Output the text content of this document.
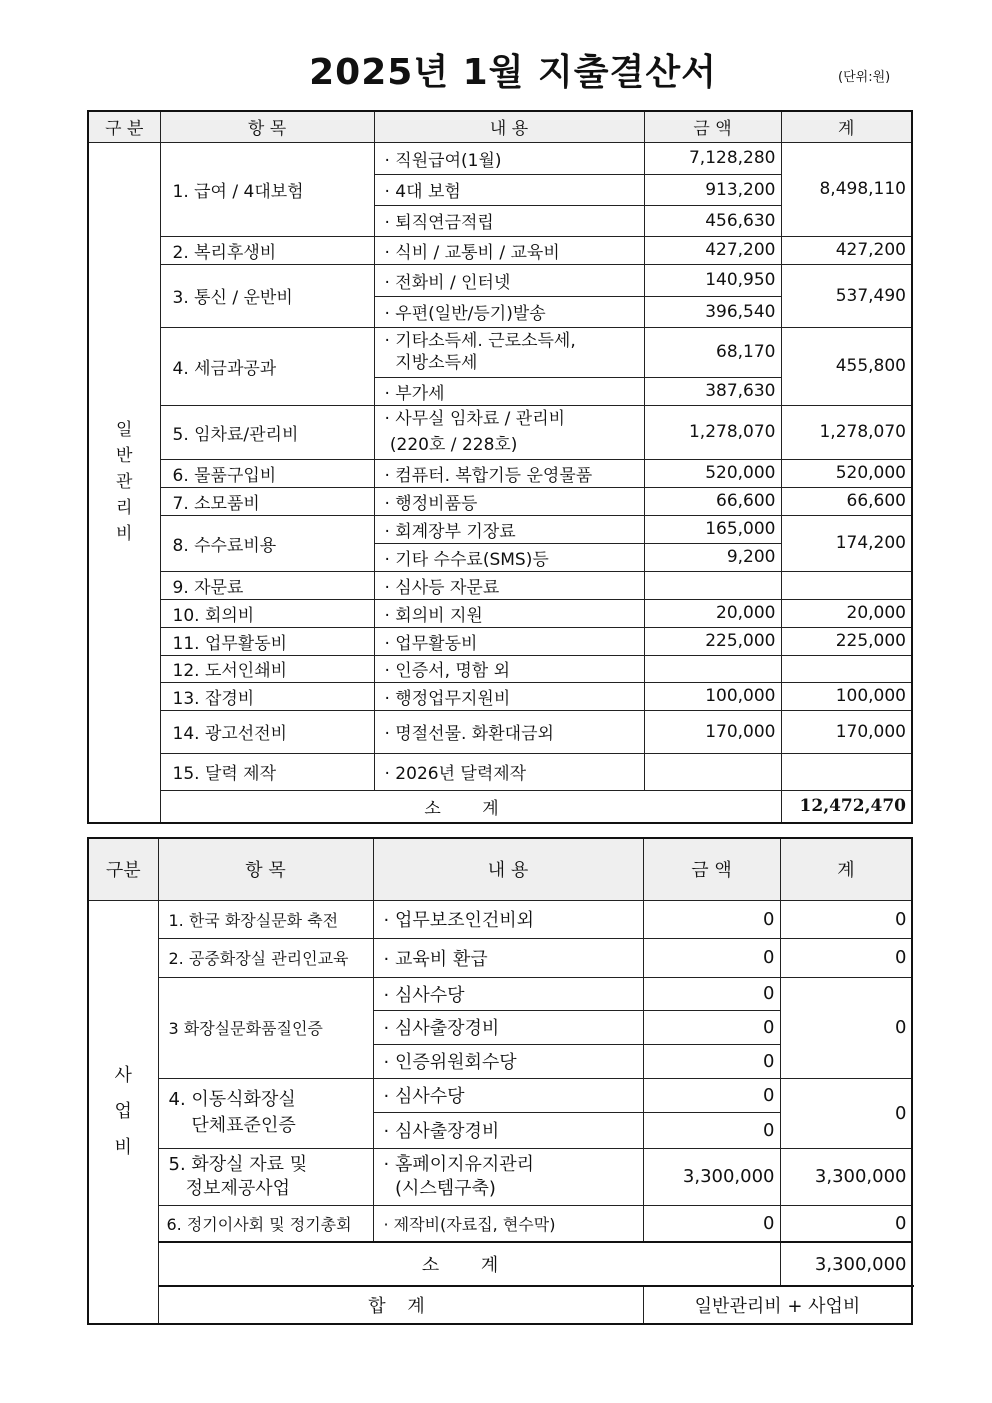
2025년 1월 지출결산서	(단위:원)
구 분	항 목	내 용	금 액	계
일
반
관
리
비	1. 급여 / 4대보험	· 직원급여(1월)	7,128,280	8,498,110
		· 4대 보험	913,200	
		· 퇴직연금적립	456,630	
	2. 복리후생비	· 식비 / 교통비 / 교육비	427,200	427,200
	3. 통신 / 운반비	· 전화비 / 인터넷	140,950	537,490
		· 우편(일반/등기)발송	396,540	
	4. 세금과공과	· 기타소득세. 근로소득세,
지방소득세	68,170	455,800
		· 부가세	387,630	
	5. 임차료/관리비	· 사무실 임차료 / 관리비
(220호 / 228호)	1,278,070	1,278,070
	6. 물품구입비	· 컴퓨터. 복합기등 운영물품	520,000	520,000
	7. 소모품비	· 행정비품등	66,600	66,600
	8. 수수료비용	· 회계장부 기장료	165,000	174,200
		· 기타 수수료(SMS)등	9,200	
	9. 자문료	· 심사등 자문료		
	10. 회의비	· 회의비 지원	20,000	20,000
	11. 업무활동비	· 업무활동비	225,000	225,000
	12. 도서인쇄비	· 인증서, 명함 외		
	13. 잡경비	· 행정업무지원비	100,000	100,000
	14. 광고선전비	· 명절선물. 화환대금외	170,000	170,000
	15. 달력 제작	· 2026년 달력제작		
	소 계			12,472,470
구분	항 목	내 용	금 액	계	
사

업

비	1. 한국 화장실문화 축전	· 업무보조인건비외	0	0	
	2. 공중화장실 관리인교육	· 교육비 환급	0	0	
	3 화장실문화품질인증	· 심사수당	0	0	
		· 심사출장경비	0		
		· 인증위원회수당	0		
	4. 이동식화장실
단체표준인증	· 심사수당	0	0	
		· 심사출장경비	0		
	5. 화장실 자료 및
정보제공사업	· 홈페이지유지관리
(시스템구축)	3,300,000	3,300,000	
	6. 정기이사회 및 정기총회	· 제작비(자료집, 현수막)	0	0	
	소 계			3,300,000	
	합 계		일반관리비 + 사업비	
